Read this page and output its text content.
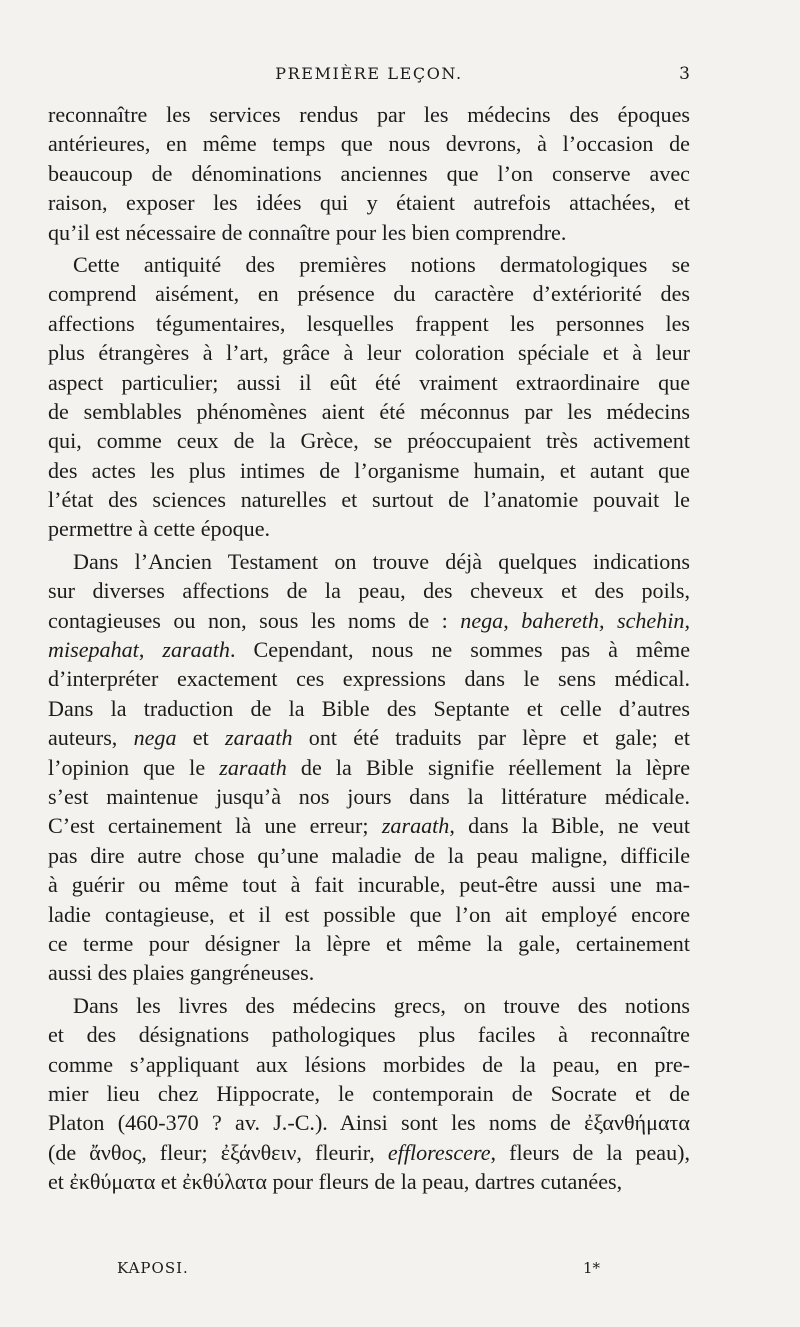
PREMIÈRE LEÇON.	3
reconnaître les services rendus par les médecins des époques
antérieures, en même temps que nous devrons, à l’occasion de
beaucoup de dénominations anciennes que l’on conserve avec
raison, exposer les idées qui y étaient autrefois attachées, et
qu’il est nécessaire de connaître pour les bien comprendre.
Cette antiquité des premières notions dermatologiques se
comprend aisément, en présence du caractère d’extériorité des
affections tégumentaires, lesquelles frappent les personnes les
plus étrangères à l’art, grâce à leur coloration spéciale et à leur
aspect particulier; aussi il eût été vraiment extraordinaire que
de semblables phénomènes aient été méconnus par les médecins
qui, comme ceux de la Grèce, se préoccupaient très activement
des actes les plus intimes de l’organisme humain, et autant que
l’état des sciences naturelles et surtout de l’anatomie pouvait le
permettre à cette époque.
Dans l’Ancien Testament on trouve déjà quelques indications
sur diverses affections de la peau, des cheveux et des poils,
contagieuses ou non, sous les noms de : nega, bahereth, schehin,
misepahat, zaraath. Cependant, nous ne sommes pas à même
d’interpréter exactement ces expressions dans le sens médical.
Dans la traduction de la Bible des Septante et celle d’autres
auteurs, nega et zaraath ont été traduits par lèpre et gale; et
l’opinion que le zaraath de la Bible signifie réellement la lèpre
s’est maintenue jusqu’à nos jours dans la littérature médicale.
C’est certainement là une erreur; zaraath, dans la Bible, ne veut
pas dire autre chose qu’une maladie de la peau maligne, difficile
à guérir ou même tout à fait incurable, peut-être aussi une ma-
ladie contagieuse, et il est possible que l’on ait employé encore
ce terme pour désigner la lèpre et même la gale, certainement
aussi des plaies gangréneuses.
Dans les livres des médecins grecs, on trouve des notions
et des désignations pathologiques plus faciles à reconnaître
comme s’appliquant aux lésions morbides de la peau, en pre-
mier lieu chez Hippocrate, le contemporain de Socrate et de
Platon (460-370 ? av. J.-C.). Ainsi sont les noms de ἐξανθήματα
(de ἄνθος, fleur; ἐξάνθειν, fleurir, efflorescere, fleurs de la peau),
et ἐκθύματα et ἐκθύλατα pour fleurs de la peau, dartres cutanées,
KAPOSI.	1*
